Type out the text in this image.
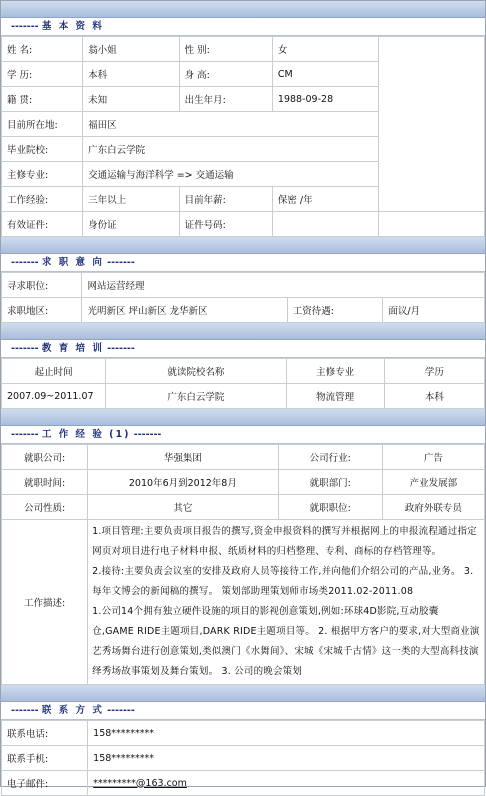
------- 基 本 资 料
姓 名:	翁小姐	性 别:	女	
学 历:	本科	身 高:	CM	
籍 贯:	未知	出生年月:	1988-09-28	
目前所在地:	福田区			
毕业院校:	广东白云学院			
主修专业:	交通运输与海洋科学 => 交通运输			
工作经验:	三年以上	目前年薪:	保密 /年	
有效证件:	身份证	证件号码:		
------- 求 职 意 向 -------
寻求职位:	网站运营经理		
求职地区:	光明新区 坪山新区 龙华新区	工资待遇:	面议/月
------- 教 育 培 训 -------
起止时间	就读院校名称	主修专业	学历
2007.09~2011.07	广东白云学院	物流管理	本科
------- 工 作 经 验 (1) -------
就职公司:	华强集团	公司行业:	广告
就职时间:	2010年6月到2012年8月	就职部门:	产业发展部
公司性质:	其它	就职职位:	政府外联专员
工作描述:	1.项目管理:主要负责项目报告的撰写,资金申报资料的撰写并根据网上的申报流程通过指定网页对项目进行电子材料申报、纸质材料的归档整理、专利、商标的存档管理等。

2.接待:主要负责会议室的安排及政府人员等接待工作,并向他们介绍公司的产品,业务。 3. 每年文博会的新闻稿的撰写。 策划部助理策划师市场类2011.02-2011.08

1.公司14个拥有独立硬件设施的项目的影视创意策划,例如:环球4D影院,互动胶囊仓,GAME RIDE主题项目,DARK RIDE主题项目等。 2. 根据甲方客户的要求,对大型商业演艺秀场舞台进行创意策划,类似澳门《水舞间》、宋城《宋城千古情》这一类的大型高科技演绎秀场故事策划及舞台策划。 3. 公司的晚会策划		

------- 联 系 方 式 -------
联系电话:	158*********
联系手机:	158*********
电子邮件:	*********@163.com
